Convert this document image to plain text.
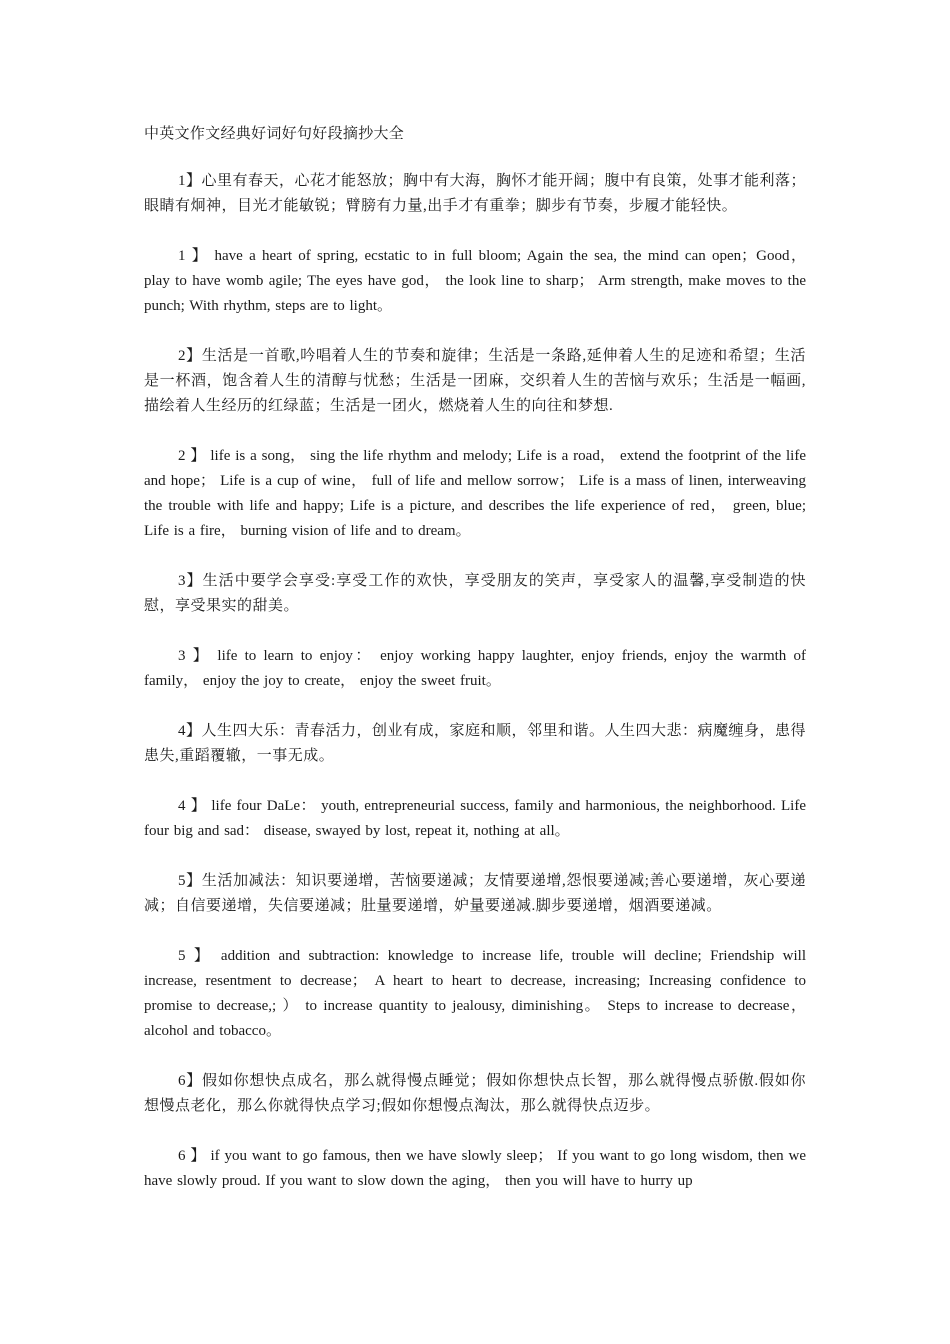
中英文作文经典好词好句好段摘抄大全

1】心里有春天，心花才能怒放；胸中有大海，胸怀才能开阔；腹中有良策，处事才能利落；眼睛有炯神，目光才能敏锐；臂膀有力量,出手才有重拳；脚步有节奏，步履才能轻快。

1 】 have a heart of spring, ecstatic to in full bloom; Again the sea, the mind can open；Good， play to have womb agile; The eyes have god， the look line to sharp； Arm strength, make moves to the punch; With rhythm, steps are to light。

2】生活是一首歌,吟唱着人生的节奏和旋律；生活是一条路,延伸着人生的足迹和希望；生活是一杯酒，饱含着人生的清醇与忧愁；生活是一团麻，交织着人生的苦恼与欢乐；生活是一幅画,描绘着人生经历的红绿蓝；生活是一团火，燃烧着人生的向往和梦想.

2 】 life is a song， sing the life rhythm and melody; Life is a road， extend the footprint of the life and hope； Life is a cup of wine， full of life and mellow sorrow； Life is a mass of linen, interweaving the trouble with life and happy; Life is a picture, and describes the life experience of red， green, blue; Life is a fire， burning vision of life and to dream。

3】生活中要学会享受:享受工作的欢快，享受朋友的笑声，享受家人的温馨,享受制造的快慰，享受果实的甜美。

3 】 life to learn to enjoy： enjoy working happy laughter, enjoy friends, enjoy the warmth of family， enjoy the joy to create， enjoy the sweet fruit。

4】人生四大乐：青春活力，创业有成，家庭和顺，邻里和谐。人生四大悲：病魔缠身，患得患失,重蹈覆辙，一事无成。

4 】 life four DaLe： youth, entrepreneurial success, family and harmonious, the neighborhood. Life four big and sad： disease, swayed by lost, repeat it, nothing at all。

5】生活加减法：知识要递增，苦恼要递减；友情要递增,怨恨要递减;善心要递增，灰心要递减；自信要递增，失信要递减；肚量要递增，妒量要递减.脚步要递增，烟酒要递减。

5 】 addition and subtraction: knowledge to increase life, trouble will decline; Friendship will increase, resentment to decrease； A heart to heart to decrease, increasing; Increasing confidence to promise to decrease,; ） to increase quantity to jealousy, diminishing。 Steps to increase to decrease， alcohol and tobacco。

6】假如你想快点成名，那么就得慢点睡觉；假如你想快点长智，那么就得慢点骄傲.假如你想慢点老化，那么你就得快点学习;假如你想慢点淘汰，那么就得快点迈步。

6 】 if you want to go famous, then we have slowly sleep； If you want to go long wisdom, then we have slowly proud. If you want to slow down the aging， then you will have to hurry up
